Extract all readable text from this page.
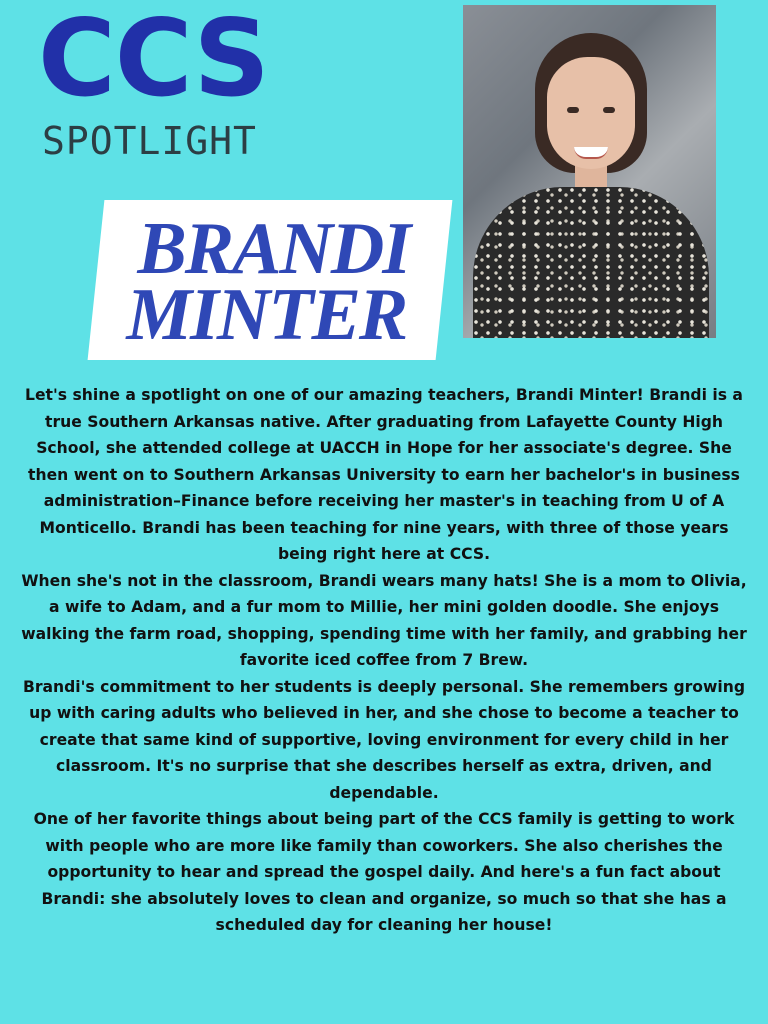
CCS
SPOTLIGHT
BRANDI
MINTER

Let's shine a spotlight on one of our amazing teachers, Brandi Minter! Brandi is a true Southern Arkansas native. After graduating from Lafayette County High School, she attended college at UACCH in Hope for her associate's degree. She then went on to Southern Arkansas University to earn her bachelor's in business administration–Finance before receiving her master's in teaching from U of A Monticello. Brandi has been teaching for nine years, with three of those years being right here at CCS.

When she's not in the classroom, Brandi wears many hats! She is a mom to Olivia, a wife to Adam, and a fur mom to Millie, her mini golden doodle. She enjoys walking the farm road, shopping, spending time with her family, and grabbing her favorite iced coffee from 7 Brew.

Brandi's commitment to her students is deeply personal. She remembers growing up with caring adults who believed in her, and she chose to become a teacher to create that same kind of supportive, loving environment for every child in her classroom. It's no surprise that she describes herself as extra, driven, and dependable.

One of her favorite things about being part of the CCS family is getting to work with people who are more like family than coworkers. She also cherishes the opportunity to hear and spread the gospel daily. And here's a fun fact about Brandi: she absolutely loves to clean and organize, so much so that she has a scheduled day for cleaning her house!
